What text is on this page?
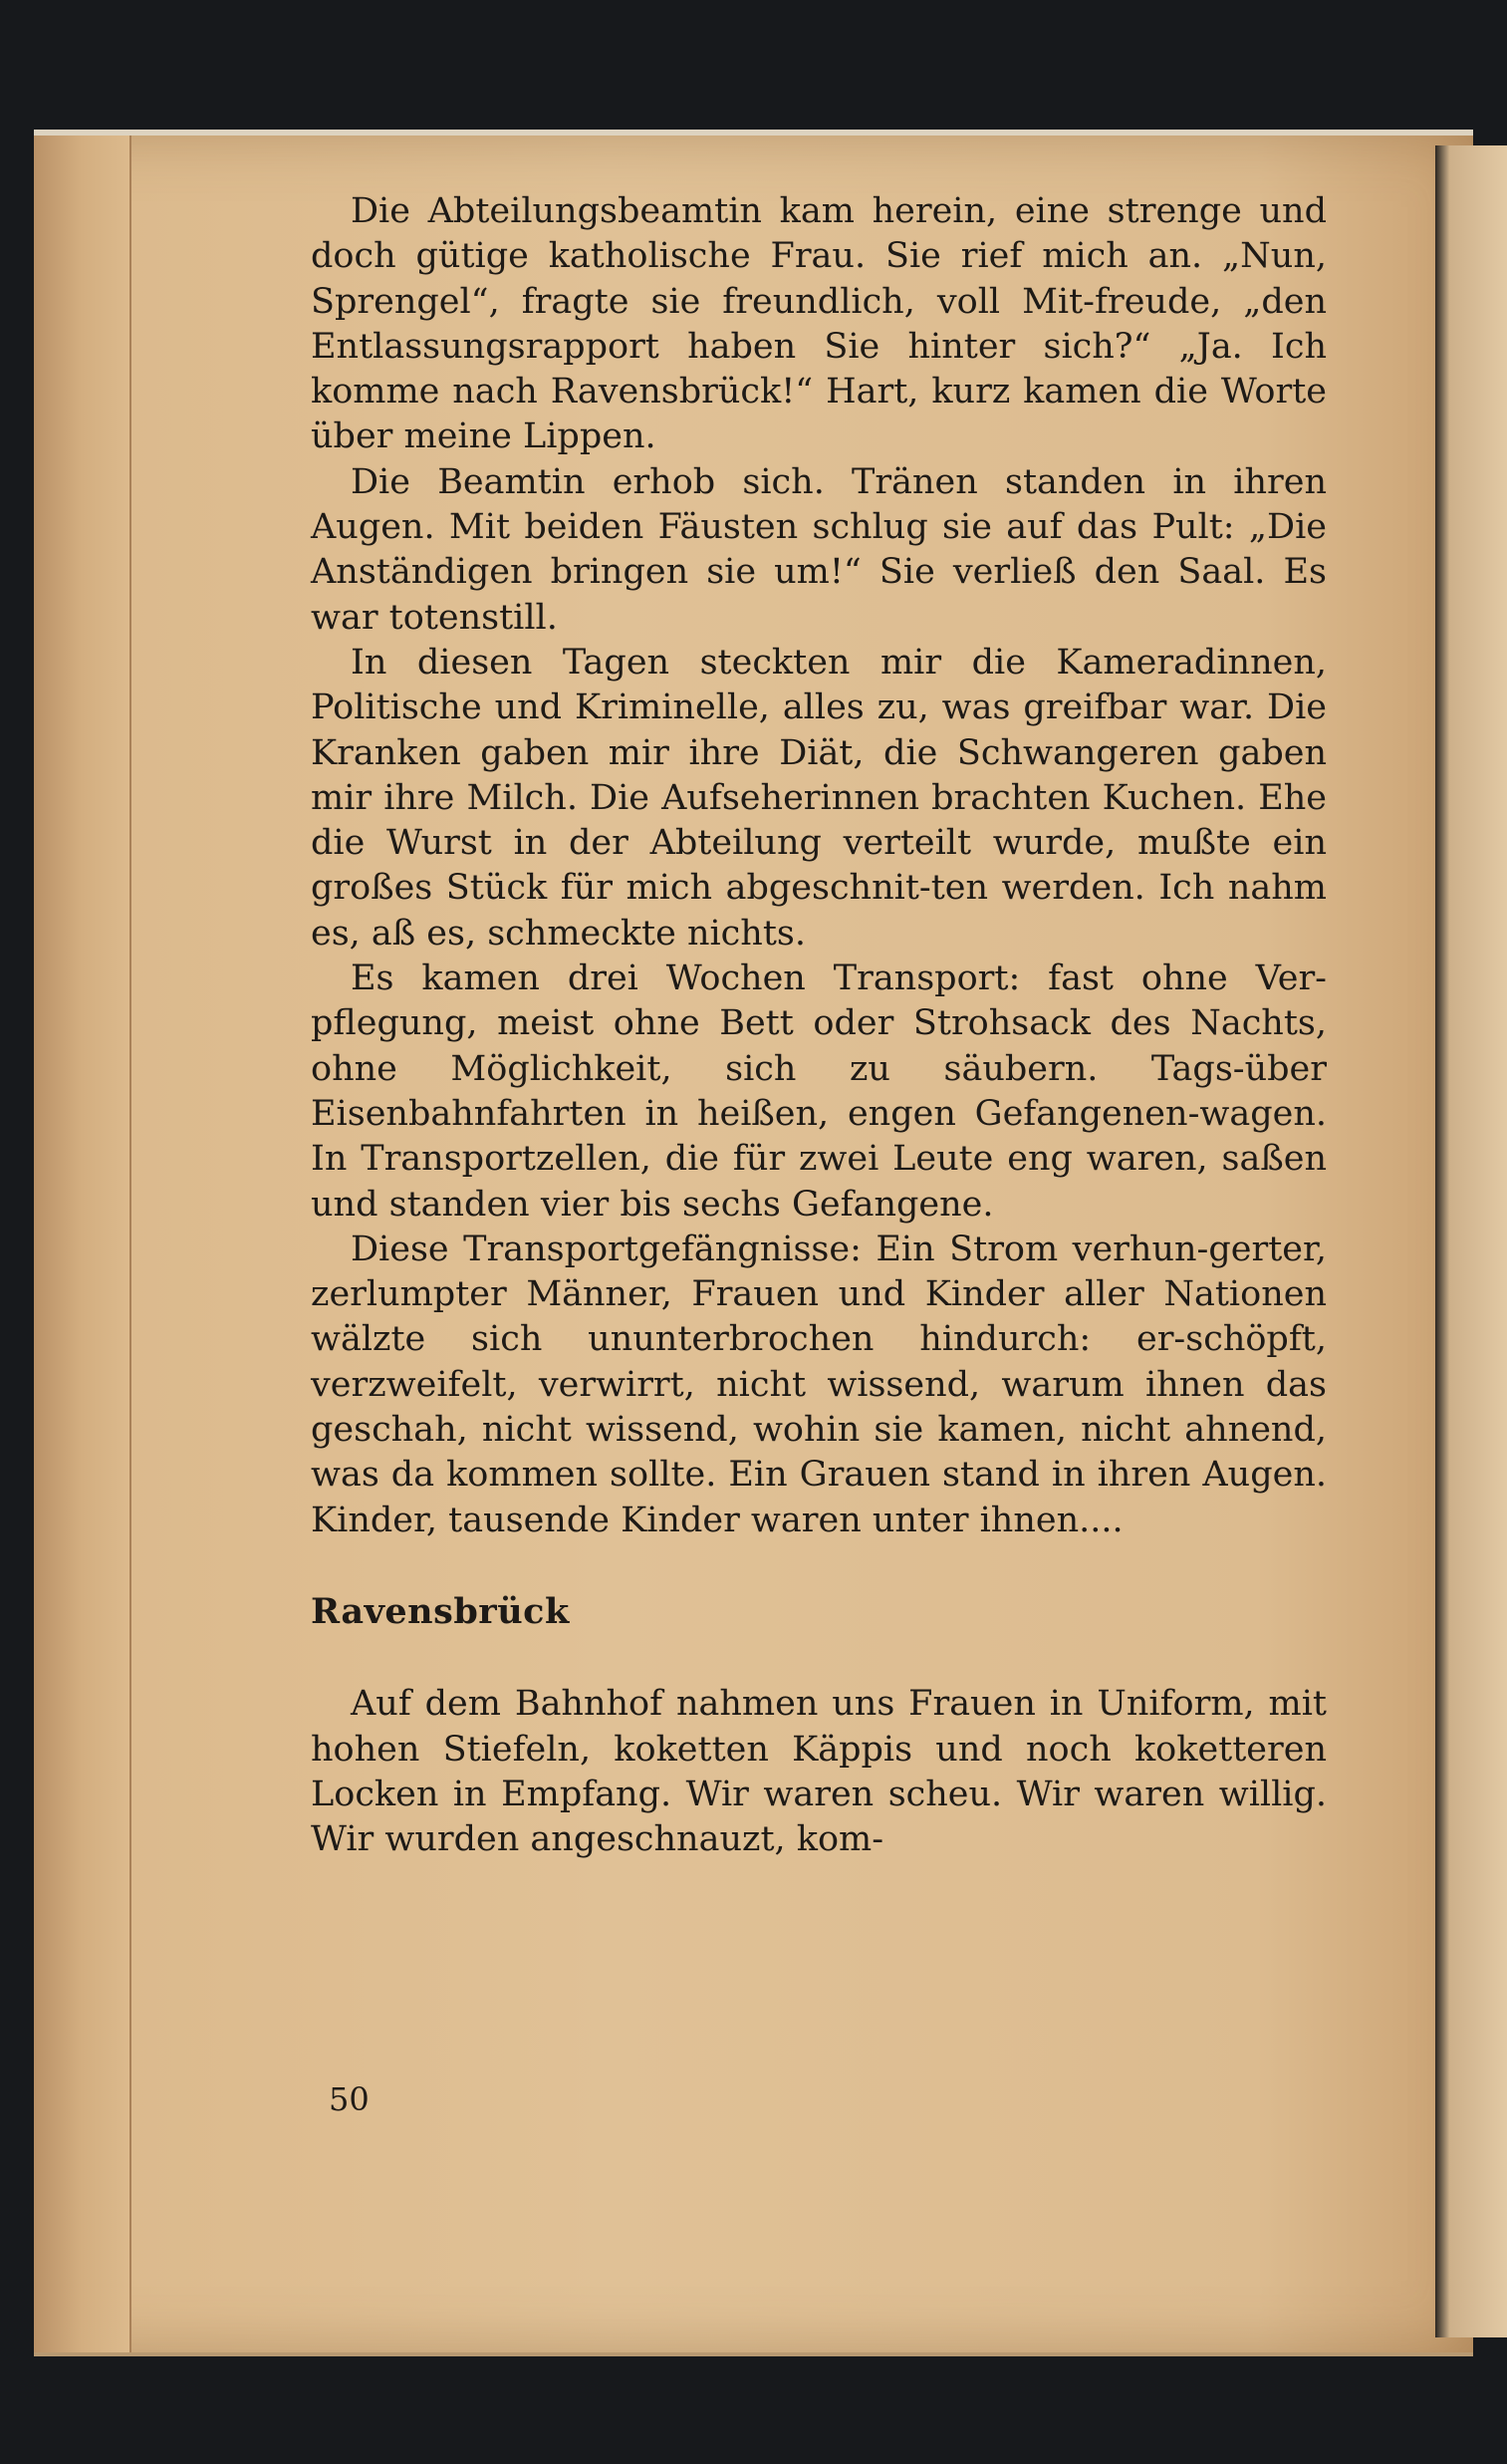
Die Abteilungsbeamtin kam herein, eine strenge und doch gütige katholische Frau. Sie rief mich an. „Nun, Sprengel“, fragte sie freundlich, voll Mit-freude, „den Entlassungsrapport haben Sie hinter sich?“ „Ja. Ich komme nach Ravensbrück!“ Hart, kurz kamen die Worte über meine Lippen.

Die Beamtin erhob sich. Tränen standen in ihren Augen. Mit beiden Fäusten schlug sie auf das Pult: „Die Anständigen bringen sie um!“ Sie verließ den Saal. Es war totenstill.

In diesen Tagen steckten mir die Kameradinnen, Politische und Kriminelle, alles zu, was greifbar war. Die Kranken gaben mir ihre Diät, die Schwangeren gaben mir ihre Milch. Die Aufseherinnen brachten Kuchen. Ehe die Wurst in der Abteilung verteilt wurde, mußte ein großes Stück für mich abgeschnit-ten werden. Ich nahm es, aß es, schmeckte nichts.

Es kamen drei Wochen Transport: fast ohne Ver-pflegung, meist ohne Bett oder Strohsack des Nachts, ohne Möglichkeit, sich zu säubern. Tags-über Eisenbahnfahrten in heißen, engen Gefangenen-wagen. In Transportzellen, die für zwei Leute eng waren, saßen und standen vier bis sechs Gefangene.

Diese Transportgefängnisse: Ein Strom verhun-gerter, zerlumpter Männer, Frauen und Kinder aller Nationen wälzte sich ununterbrochen hindurch: er-schöpft, verzweifelt, verwirrt, nicht wissend, warum ihnen das geschah, nicht wissend, wohin sie kamen, nicht ahnend, was da kommen sollte. Ein Grauen stand in ihren Augen. Kinder, tausende Kinder waren unter ihnen....

Ravensbrück

Auf dem Bahnhof nahmen uns Frauen in Uniform, mit hohen Stiefeln, koketten Käppis und noch koketteren Locken in Empfang. Wir waren scheu. Wir waren willig. Wir wurden angeschnauzt, kom-

50
